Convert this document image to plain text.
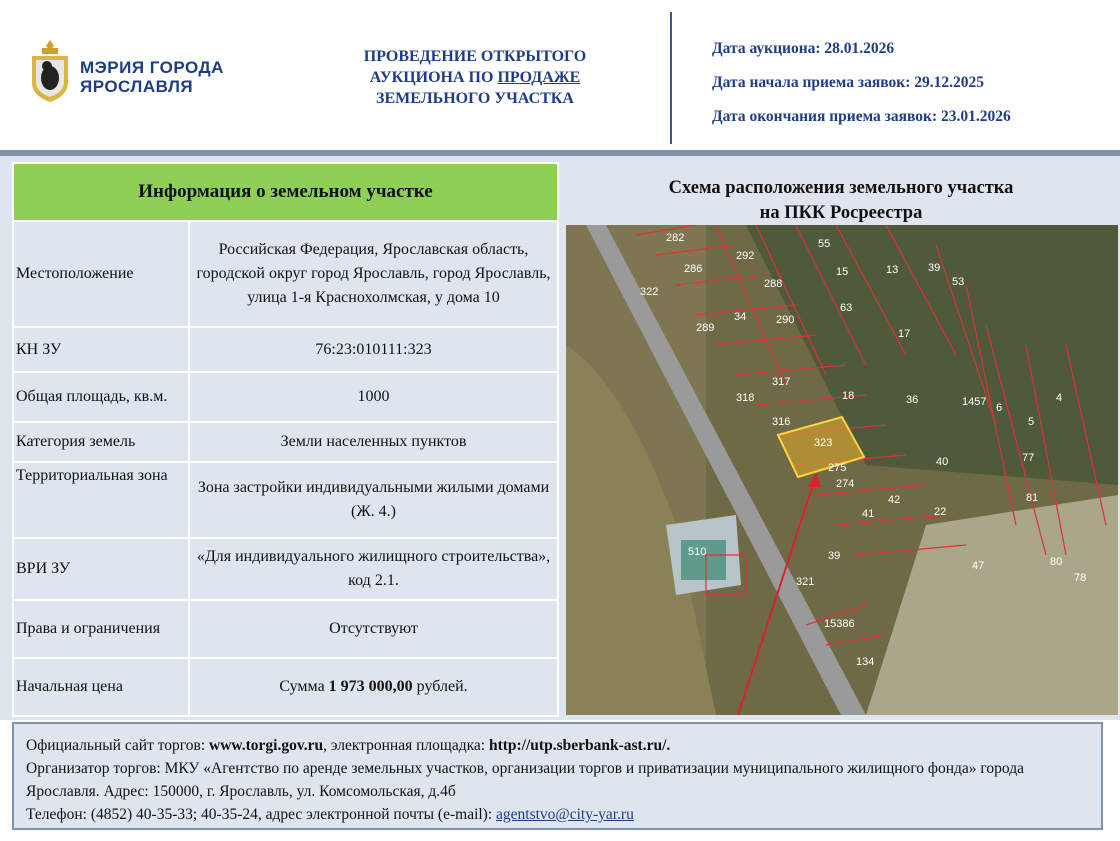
МЭРИЯ ГОРОДА
ЯРОСЛАВЛЯ
ПРОВЕДЕНИЕ ОТКРЫТОГО АУКЦИОНА ПО ПРОДАЖЕ
ЗЕМЕЛЬНОГО УЧАСТКА
Дата аукциона: 28.01.2026
Дата начала приема заявок: 29.12.2025
Дата окончания приема заявок: 23.01.2026
Информация о земельном участке	
Местоположение	Российская Федерация, Ярославская область, городской округ город Ярославль, город Ярославль, улица 1-я Краснохолмская, у дома 10
КН ЗУ	76:23:010111:323
Общая площадь, кв.м.	1000
Категория земель	Земли населенных пунктов
Территориальная зона	Зона застройки индивидуальными жилыми домами (Ж. 4.)
ВРИ ЗУ	«Для индивидуального жилищного строительства», код 2.1.
Права и ограничения	Отсутствуют
Начальная цена	Сумма 1 973 000,00 рублей.
Схема расположения земельного участка
на ПКК Росреестра
323
282
286
292
288
290
34
289
322
63
55
15	13	39
53
17
317
318
316
18	36
275
274
41
42
22
40
510	39
321
15386
134
1457 6
5
4
77
81
80
78
47
Официальный сайт торгов: www.torgi.gov.ru, электронная площадка: http://utp.sberbank-ast.ru/.
Организатор торгов: МКУ «Агентство по аренде земельных участков, организации торгов и приватизации муниципального жилищного фонда» города Ярославля. Адрес: 150000, г. Ярославль, ул. Комсомольская, д.4б
Телефон: (4852) 40-35-33; 40-35-24, адрес электронной почты (e-mail): agentstvo@city-yar.ru
